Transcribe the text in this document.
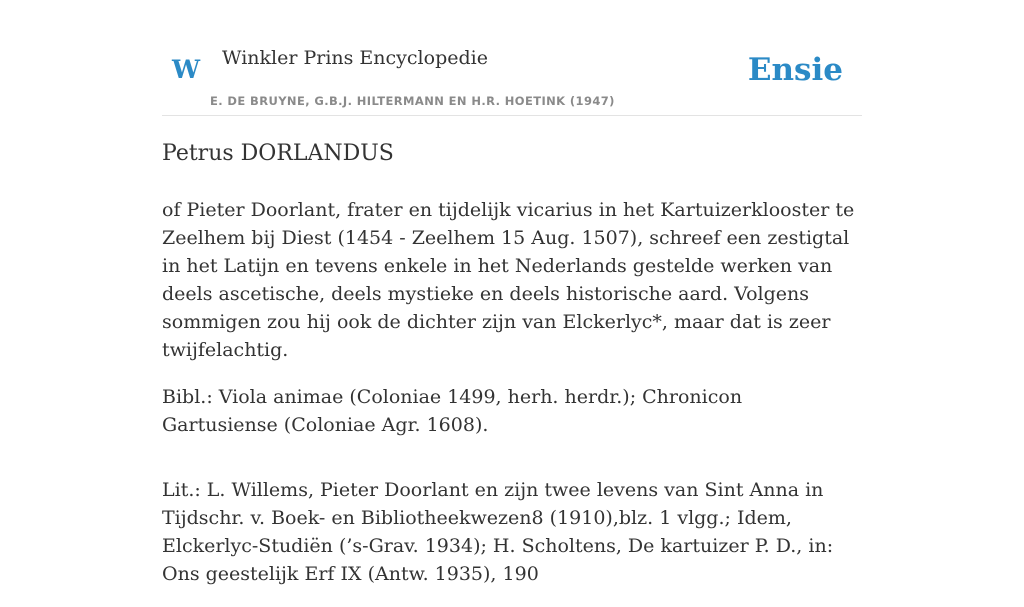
W Winkler Prins Encyclopedie
E. DE BRUYNE, G.B.J. HILTERMANN EN H.R. HOETINK (1947)
Ensie
Petrus DORLANDUS

of Pieter Doorlant, frater en tijdelijk vicarius in het Kartuizerklooster te Zeelhem bij Diest (1454 - Zeelhem 15 Aug. 1507), schreef een zestigtal in het Latijn en tevens enkele in het Nederlands gestelde werken van deels ascetische, deels mystieke en deels historische aard. Volgens sommigen zou hij ook de dichter zijn van Elckerlyc*, maar dat is zeer twijfelachtig.

Bibl.: Viola animae (Coloniae 1499, herh. herdr.); Chronicon Gartusiense (Coloniae Agr. 1608).

Lit.: L. Willems, Pieter Doorlant en zijn twee levens van Sint Anna in Tijdschr. v. Boek- en Bibliotheekwezen8 (1910),blz. 1 vlgg.; Idem, Elckerlyc-Studiën (’s-Grav. 1934); H. Scholtens, De kartuizer P. D., in: Ons geestelijk Erf IX (Antw. 1935), 190
